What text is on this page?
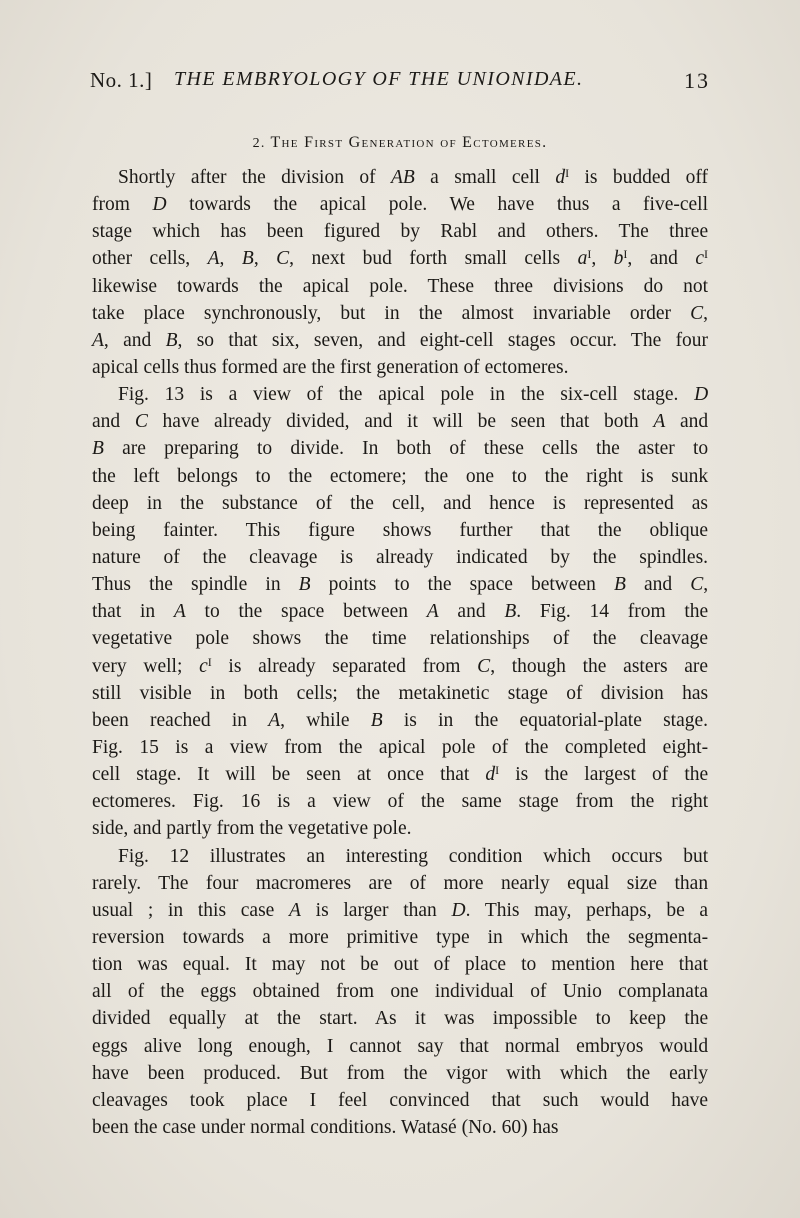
No. 1.] THE EMBRYOLOGY OF THE UNIONIDAE.	13
2. The First Generation of Ectomeres.
Shortly after the division of AB a small cell $d^I$ is budded off
from D towards the apical pole. We have thus a five-cell
stage which has been figured by Rabl and others. The three
other cells, A, B, C, next bud forth small cells $a^I$, $b^I$, and $c^I$
likewise towards the apical pole. These three divisions do not
take place synchronously, but in the almost invariable order C,
A, and B, so that six, seven, and eight-cell stages occur. The four
apical cells thus formed are the first generation of ectomeres.
Fig. 13 is a view of the apical pole in the six-cell stage. D
and C have already divided, and it will be seen that both A and
B are preparing to divide. In both of these cells the aster to
the left belongs to the ectomere; the one to the right is sunk
deep in the substance of the cell, and hence is represented as
being fainter. This figure shows further that the oblique
nature of the cleavage is already indicated by the spindles.
Thus the spindle in B points to the space between B and C,
that in A to the space between A and B. Fig. 14 from the
vegetative pole shows the time relationships of the cleavage
very well; $c^I$ is already separated from C, though the asters are
still visible in both cells; the metakinetic stage of division has
been reached in A, while B is in the equatorial-plate stage.
Fig. 15 is a view from the apical pole of the completed eight-
cell stage. It will be seen at once that $d^I$ is the largest of the
ectomeres. Fig. 16 is a view of the same stage from the right
side, and partly from the vegetative pole.
Fig. 12 illustrates an interesting condition which occurs but
rarely. The four macromeres are of more nearly equal size than
usual ; in this case A is larger than D. This may, perhaps, be a
reversion towards a more primitive type in which the segmenta-
tion was equal. It may not be out of place to mention here that
all of the eggs obtained from one individual of Unio complanata
divided equally at the start. As it was impossible to keep the
eggs alive long enough, I cannot say that normal embryos would
have been produced. But from the vigor with which the early
cleavages took place I feel convinced that such would have
been the case under normal conditions. Watasé (No. 60) has
